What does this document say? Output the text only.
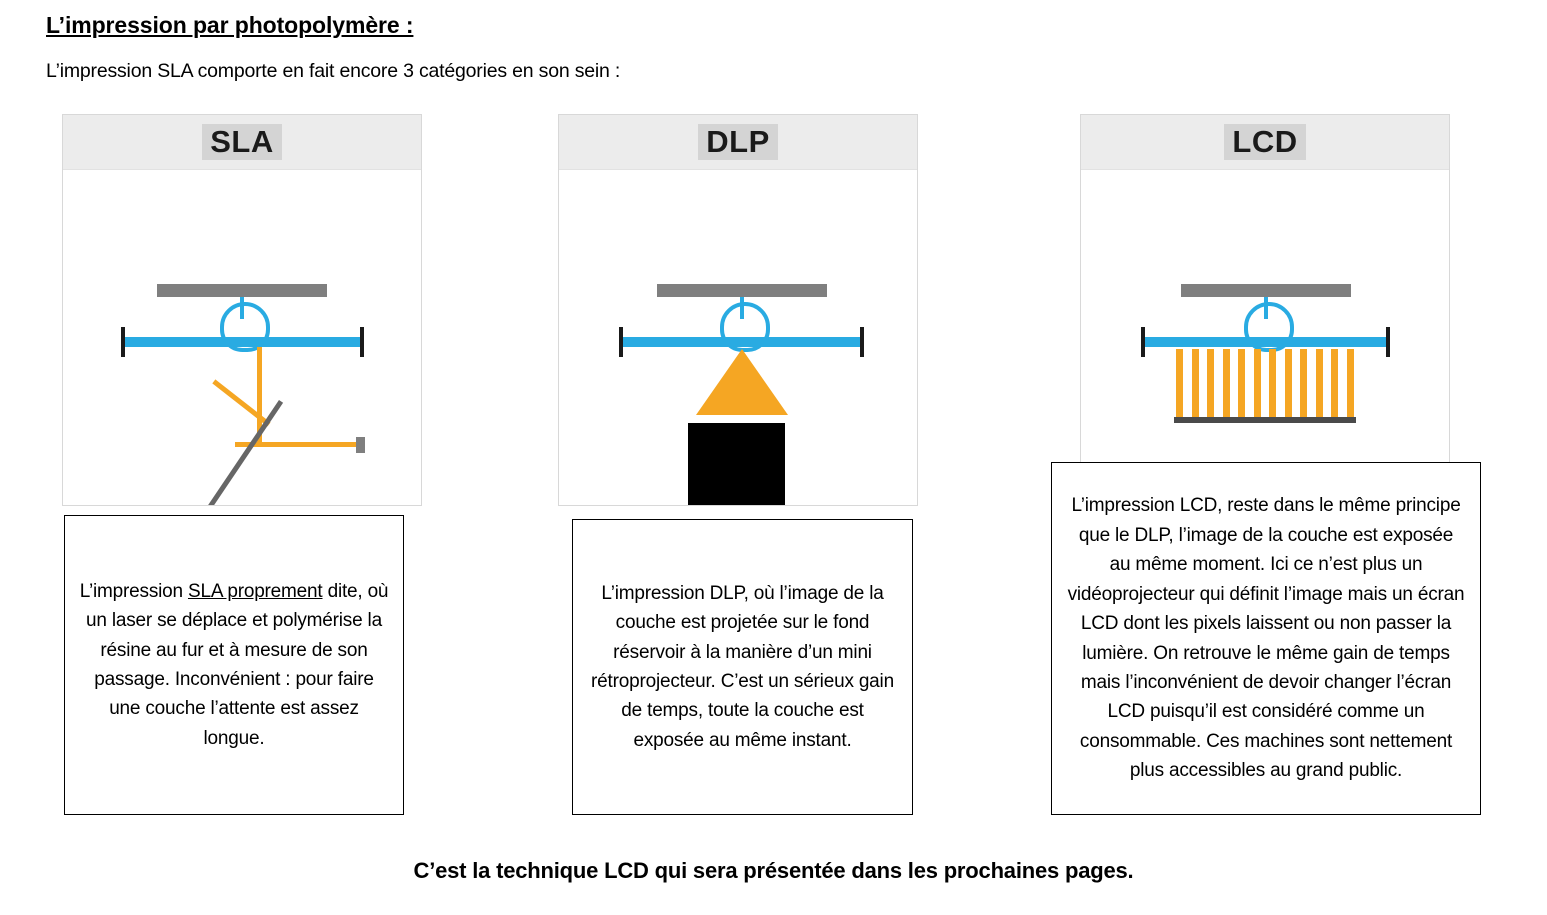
L’impression par photopolymère :
L’impression SLA comporte en fait encore 3 catégories en son sein :
SLA

L’impression SLA proprement dite, où un laser se déplace et polymérise la résine au fur et à mesure de son passage. Inconvénient : pour faire une couche l’attente est assez longue.

DLP

L’impression DLP, où l’image de la couche est projetée sur le fond réservoir à la manière d’un mini rétroprojecteur. C’est un sérieux gain de temps, toute la couche est exposée au même instant.

LCD

L’impression LCD, reste dans le même principe que le DLP, l’image de la couche est exposée au même moment. Ici ce n’est plus un vidéoprojecteur qui définit l’image mais un écran LCD dont les pixels laissent ou non passer la lumière. On retrouve le même gain de temps mais l’inconvénient de devoir changer l’écran LCD puisqu’il est considéré comme un consommable. Ces machines sont nettement plus accessibles au grand public.

C’est la technique LCD qui sera présentée dans les prochaines pages.
